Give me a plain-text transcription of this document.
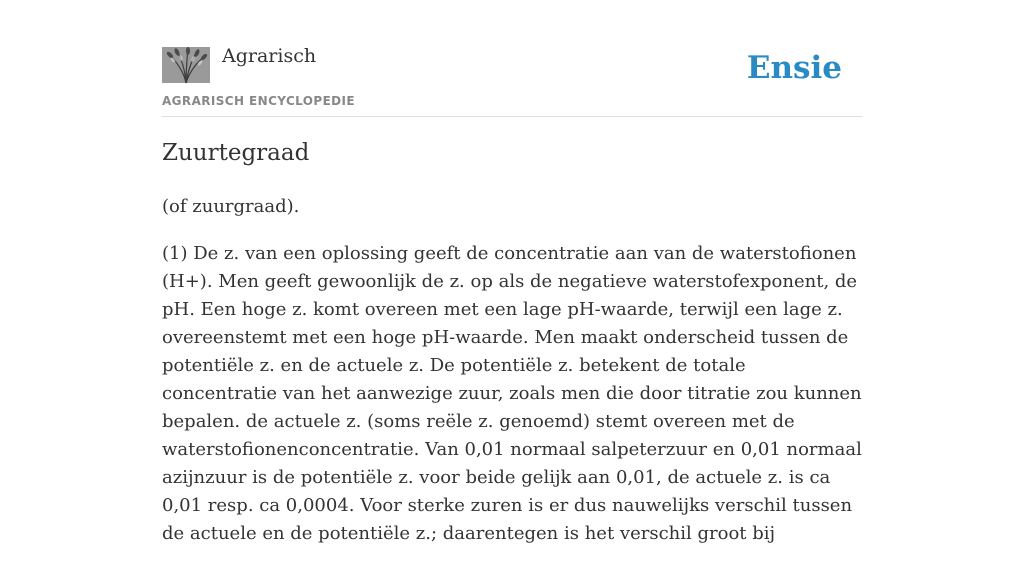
Agrarisch
AGRARISCH ENCYCLOPEDIE
Ensie
Zuurtegraad

(of zuurgraad).

(1) De z. van een oplossing geeft de concentratie aan van de waterstofionen (H+). Men geeft gewoonlijk de z. op als de negatieve waterstofexponent, de pH. Een hoge z. komt overeen met een lage pH-waarde, terwijl een lage z. overeenstemt met een hoge pH-waarde. Men maakt onderscheid tussen de potentiële z. en de actuele z. De potentiële z. betekent de totale concentratie van het aanwezige zuur, zoals men die door titratie zou kunnen bepalen. de actuele z. (soms reële z. genoemd) stemt overeen met de waterstofionenconcentratie. Van 0,01 normaal salpeterzuur en 0,01 normaal azijnzuur is de potentiële z. voor beide gelijk aan 0,01, de actuele z. is ca 0,01 resp. ca 0,0004. Voor sterke zuren is er dus nauwelijks verschil tussen de actuele en de potentiële z.; daarentegen is het verschil groot bij
